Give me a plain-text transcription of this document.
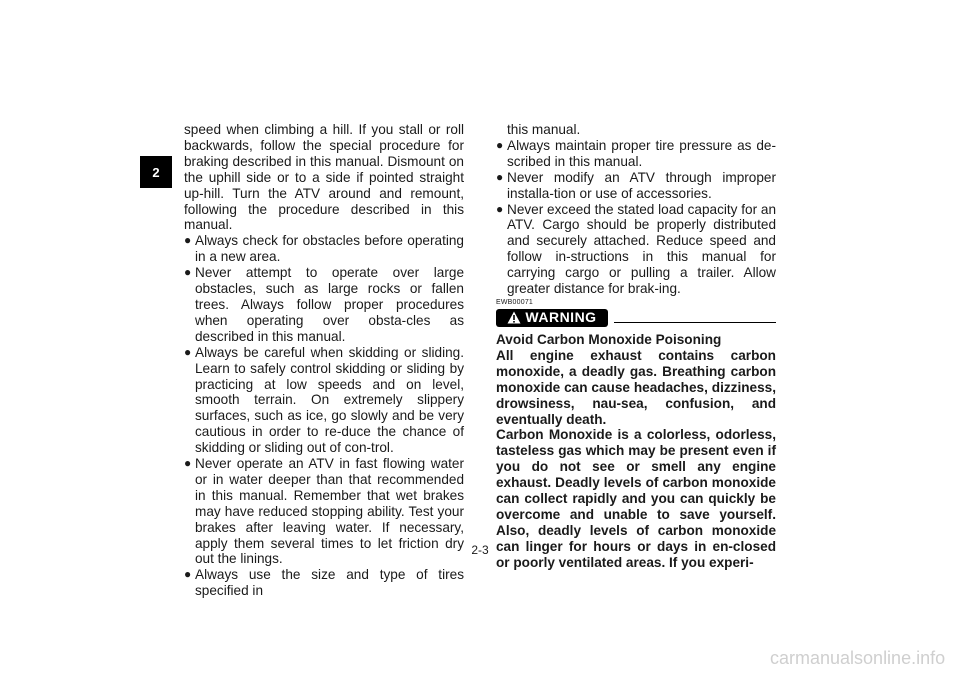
2

speed when climbing a hill. If you stall or roll backwards, follow the special procedure for braking described in this manual. Dismount on the uphill side or to a side if pointed straight up-hill. Turn the ATV around and remount, following the procedure described in this manual.

● Always check for obstacles before operating in a new area.
● Never attempt to operate over large obstacles, such as large rocks or fallen trees. Always follow proper procedures when operating over obsta-cles as described in this manual.
● Always be careful when skidding or sliding. Learn to safely control skidding or sliding by practicing at low speeds and on level, smooth terrain. On extremely slippery surfaces, such as ice, go slowly and be very cautious in order to re-duce the chance of skidding or sliding out of con-trol.
● Never operate an ATV in fast flowing water or in water deeper than that recommended in this manual. Remember that wet brakes may have reduced stopping ability. Test your brakes after leaving water. If necessary, apply them several times to let friction dry out the linings.
● Always use the size and type of tires specified in

this manual.

● Always maintain proper tire pressure as de-scribed in this manual.
● Never modify an ATV through improper installa-tion or use of accessories.
● Never exceed the stated load capacity for an ATV. Cargo should be properly distributed and securely attached. Reduce speed and follow in-structions in this manual for carrying cargo or pulling a trailer. Allow greater distance for brak-ing.
EWB00071
WARNING

Avoid Carbon Monoxide Poisoning

All engine exhaust contains carbon monoxide, a deadly gas. Breathing carbon monoxide can cause headaches, dizziness, drowsiness, nau-sea, confusion, and eventually death.

Carbon Monoxide is a colorless, odorless, tasteless gas which may be present even if you do not see or smell any engine exhaust. Deadly levels of carbon monoxide can collect rapidly and you can quickly be overcome and unable to save yourself. Also, deadly levels of carbon monoxide can linger for hours or days in en-closed or poorly ventilated areas. If you experi-

2-3
carmanualsonline.info
